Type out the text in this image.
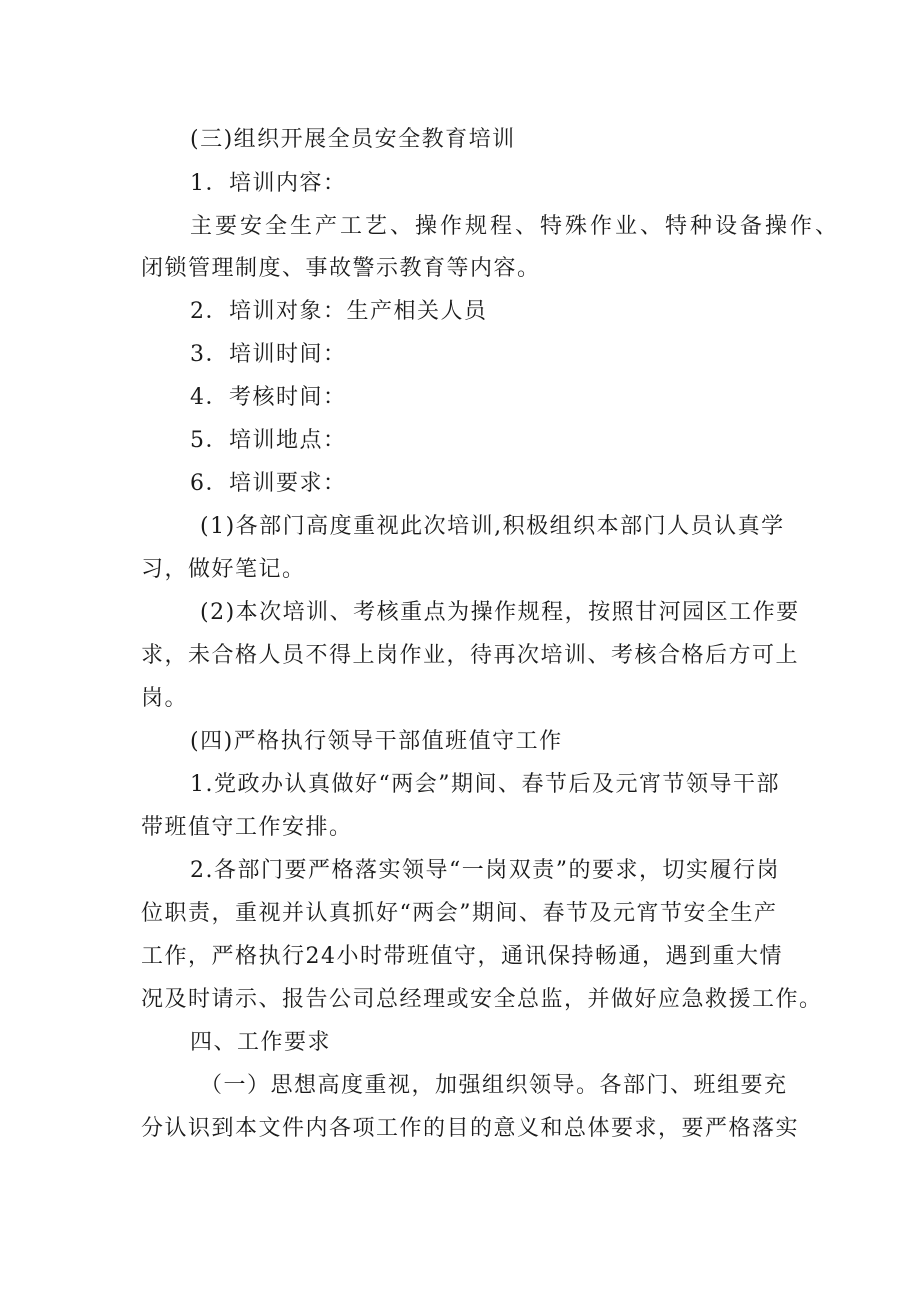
(三)组织开展全员安全教育培训
1．培训内容：
主要安全生产工艺、操作规程、特殊作业、特种设备操作、
闭锁管理制度、事故警示教育等内容。
2．培训对象：生产相关人员
3．培训时间：
4．考核时间：
5．培训地点：
6．培训要求：
(1)各部门高度重视此次培训,积极组织本部门人员认真学
习，做好笔记。
(2)本次培训、考核重点为操作规程，按照甘河园区工作要
求，未合格人员不得上岗作业，待再次培训、考核合格后方可上
岗。
(四)严格执行领导干部值班值守工作
1.党政办认真做好“两会”期间、春节后及元宵节领导干部
带班值守工作安排。
2.各部门要严格落实领导“一岗双责”的要求，切实履行岗
位职责，重视并认真抓好“两会”期间、春节及元宵节安全生产
工作，严格执行24小时带班值守，通讯保持畅通，遇到重大情
况及时请示、报告公司总经理或安全总监，并做好应急救援工作。
四、工作要求
（一）思想高度重视，加强组织领导。各部门、班组要充
分认识到本文件内各项工作的目的意义和总体要求，要严格落实
